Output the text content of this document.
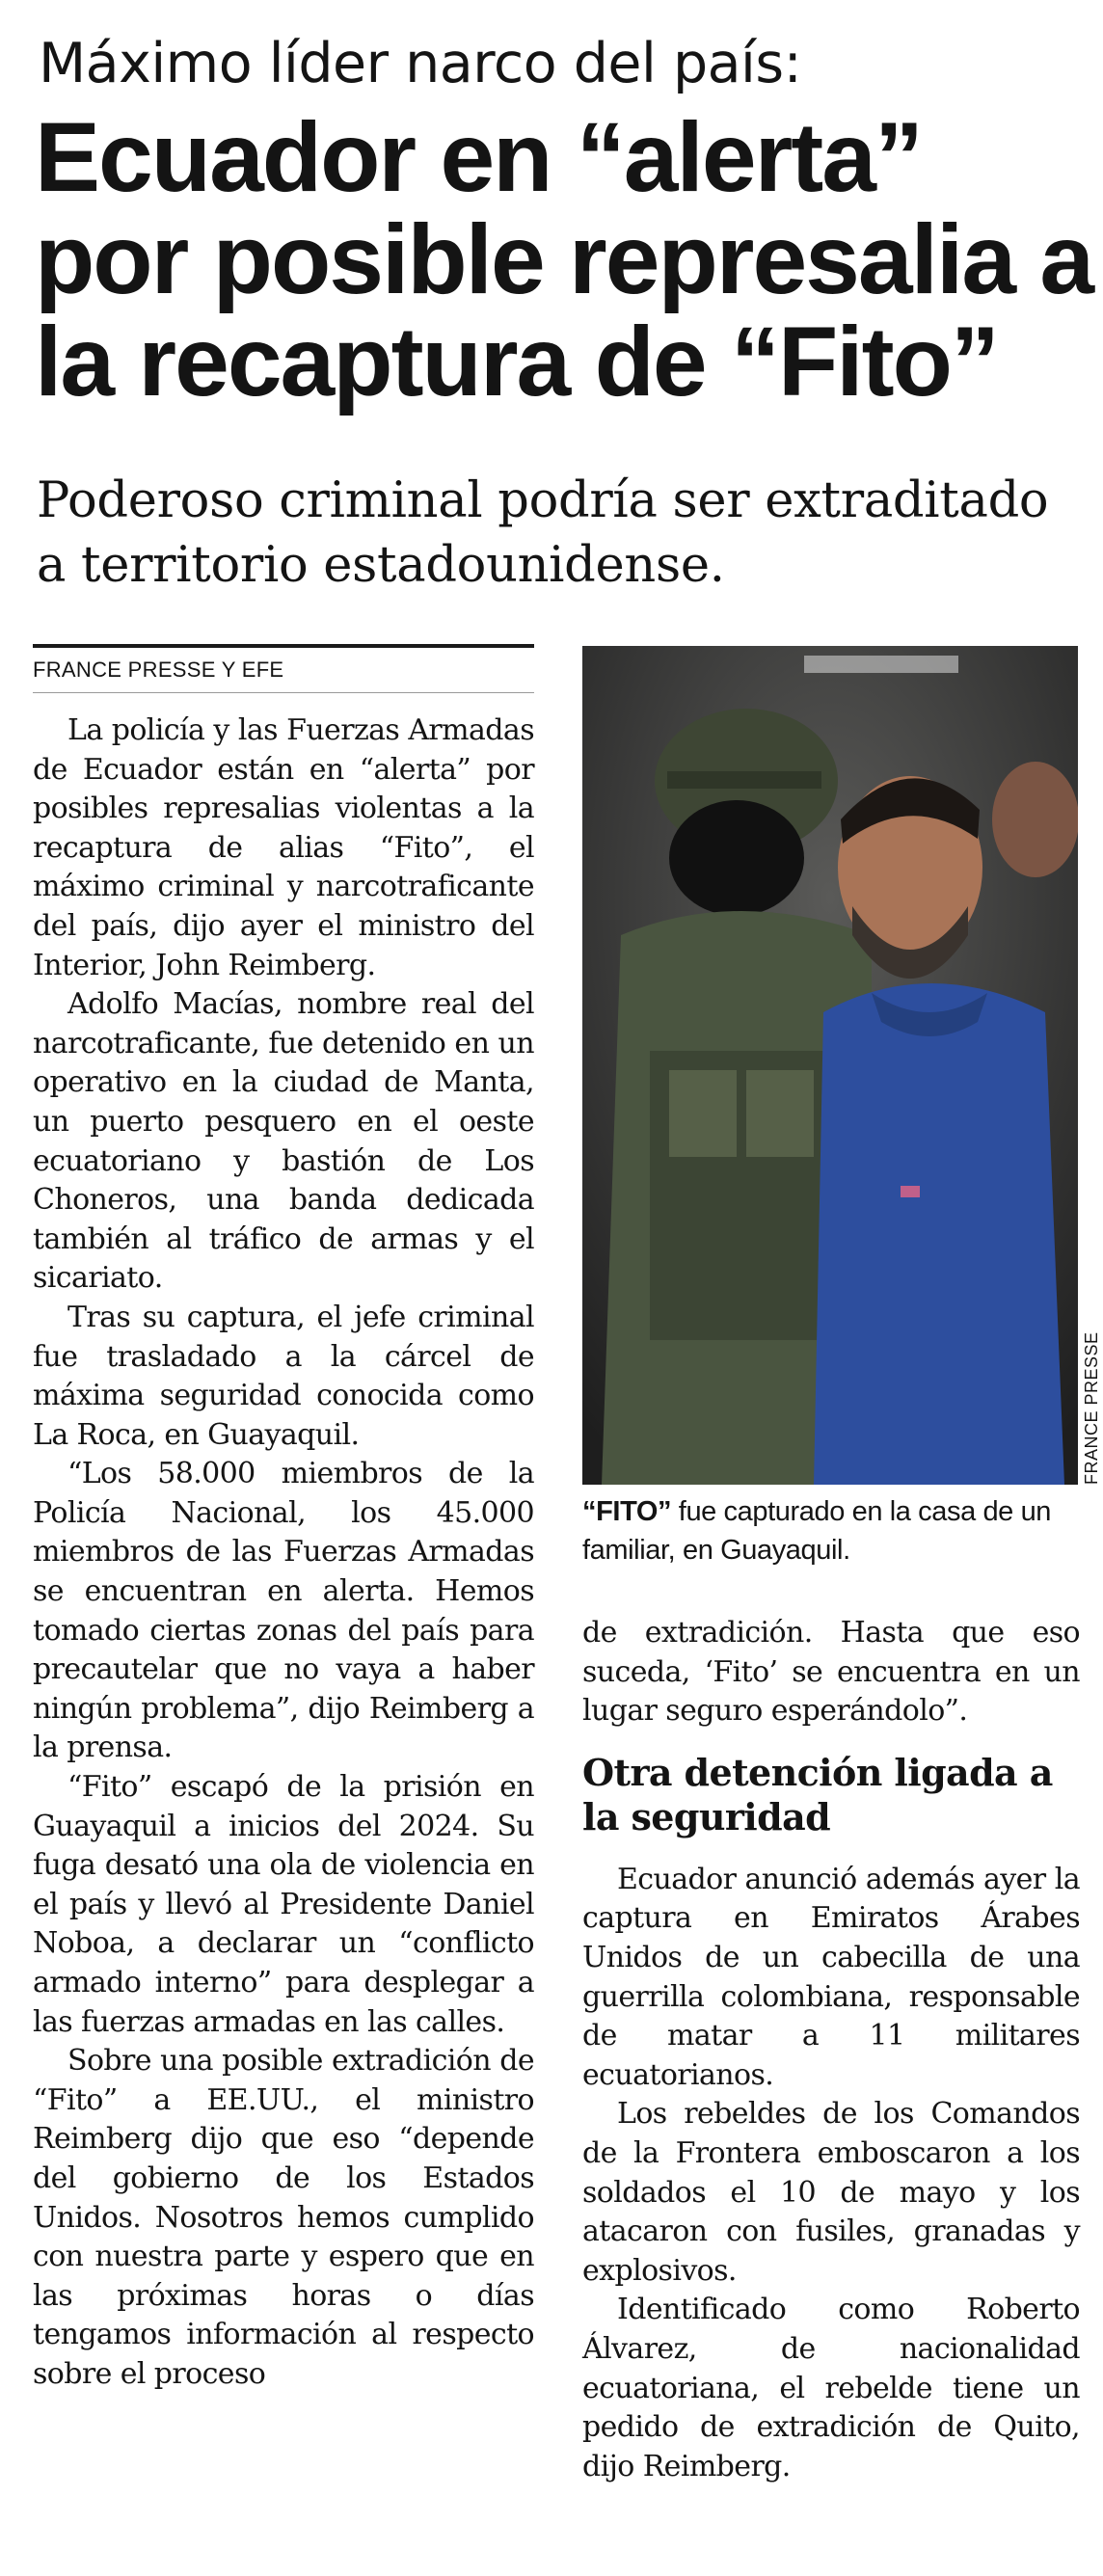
Máximo líder narco del país:
Ecuador en “alerta”
por posible represalia a
la recaptura de “Fito”
Poderoso criminal podría ser extraditado
a territorio estadounidense.
FRANCE PRESSE Y EFE

La policía y las Fuerzas Armadas de Ecuador están en “alerta” por posibles represalias violentas a la recaptura de alias “Fito”, el máximo criminal y narcotraficante del país, dijo ayer el ministro del Interior, John Reimberg.

Adolfo Macías, nombre real del narcotraficante, fue detenido en un operativo en la ciudad de Manta, un puerto pesquero en el oeste ecuatoriano y bastión de Los Choneros, una banda dedicada también al tráfico de armas y el sicariato.

Tras su captura, el jefe criminal fue trasladado a la cárcel de máxima seguridad conocida como La Roca, en Guayaquil.

“Los 58.000 miembros de la Policía Nacional, los 45.000 miembros de las Fuerzas Armadas se encuentran en alerta. Hemos tomado ciertas zonas del país para precautelar que no vaya a haber ningún problema”, dijo Reimberg a la prensa.

“Fito” escapó de la prisión en Guayaquil a inicios del 2024. Su fuga desató una ola de violencia en el país y llevó al Presidente Daniel Noboa, a declarar un “conflicto armado interno” para desplegar a las fuerzas armadas en las calles.

Sobre una posible extradición de “Fito” a EE.UU., el ministro Reimberg dijo que eso “depende del gobierno de los Estados Unidos. Nosotros hemos cumplido con nuestra parte y espero que en las próximas horas o días tengamos información al respecto sobre el proceso

FRANCE PRESSE
“FITO” fue capturado en la casa de un familiar, en Guayaquil.

de extradición. Hasta que eso suceda, ‘Fito’ se encuentra en un lugar seguro esperándolo”.

Otra detención ligada a la seguridad

Ecuador anunció además ayer la captura en Emiratos Árabes Unidos de un cabecilla de una guerrilla colombiana, responsable de matar a 11 militares ecuatorianos.

Los rebeldes de los Comandos de la Frontera emboscaron a los soldados el 10 de mayo y los atacaron con fusiles, granadas y explosivos.

Identificado como Roberto Álvarez, de nacionalidad ecuatoriana, el rebelde tiene un pedido de extradición de Quito, dijo Reimberg.
